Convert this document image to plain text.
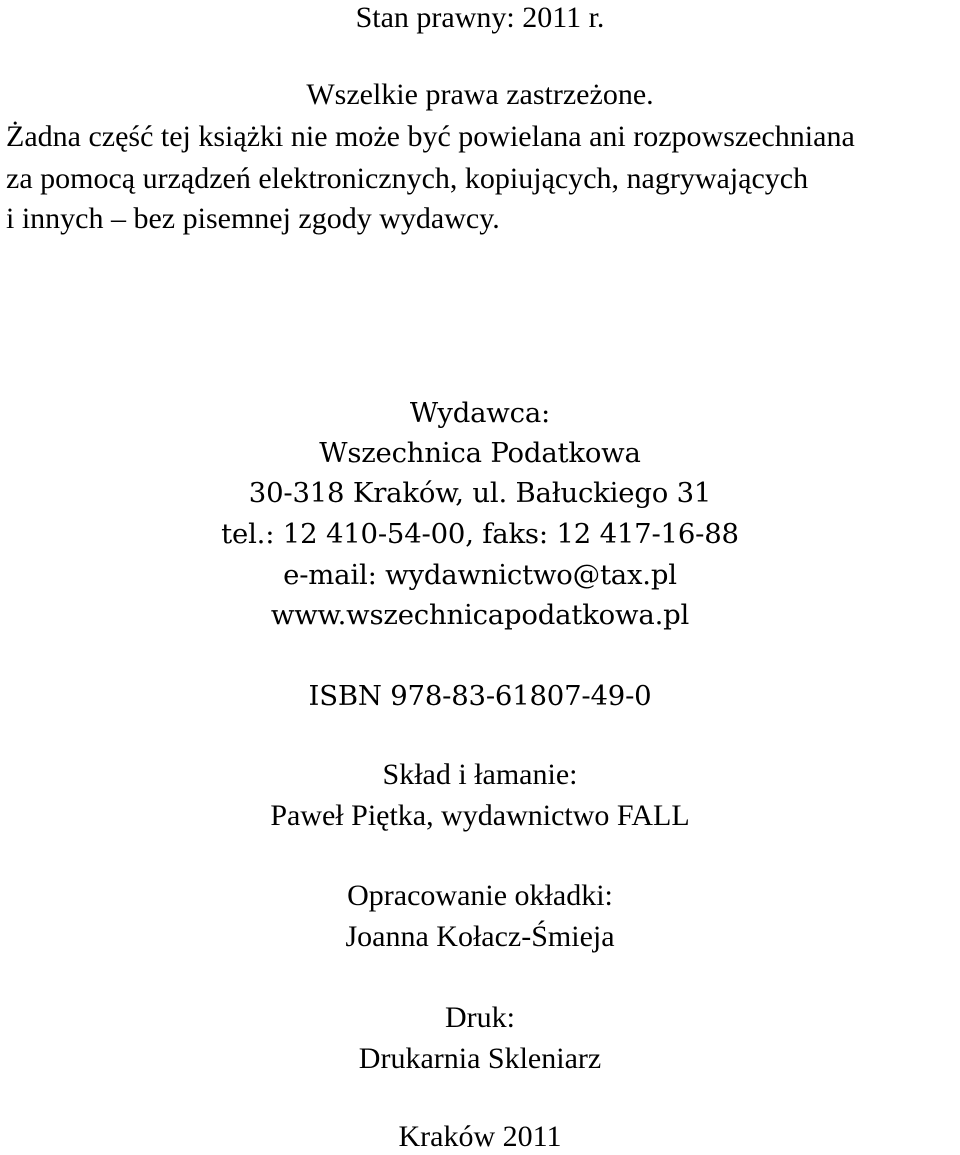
Stan prawny: 2011 r.

Wszelkie prawa zastrzeżone.

Żadna część tej książki nie może być powielana ani rozpowszechniana

za pomocą urządzeń elektronicznych, kopiujących, nagrywających

i innych – bez pisemnej zgody wydawcy.

Wydawca:

Wszechnica Podatkowa

30-318 Kraków, ul. Bałuckiego 31

tel.: 12 410-54-00, faks: 12 417-16-88

e-mail: wydawnictwo@tax.pl

www.wszechnicapodatkowa.pl

ISBN 978-83-61807-49-0

Skład i łamanie:

Paweł Piętka, wydawnictwo FALL

Opracowanie okładki:

Joanna Kołacz-Śmieja

Druk:

Drukarnia Skleniarz

Kraków 2011
